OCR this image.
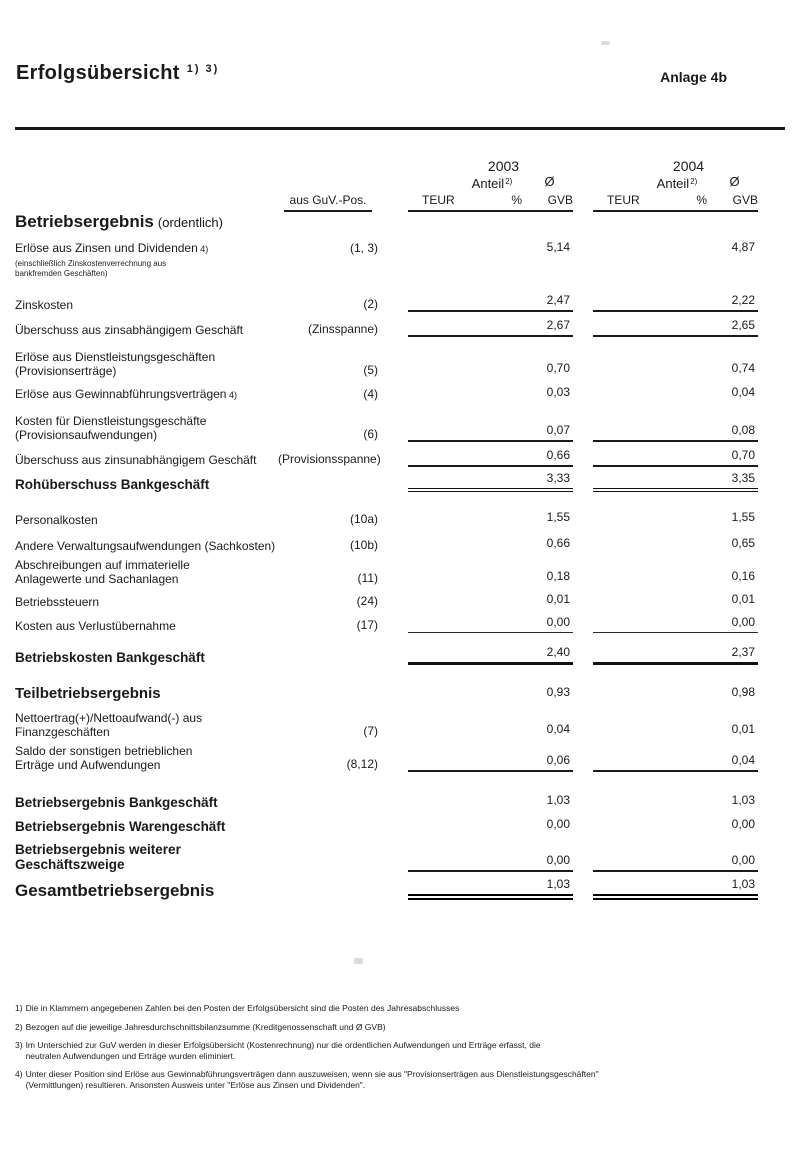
Erfolgsübersicht $^{1) 3)}$	Anlage 4b
aus GuV.-Pos.
2003
Anteil$^{2)}$	Ø
TEUR	%	GVB
2004
Anteil$^{2)}$	Ø
TEUR	%	GVB
Betriebsergebnis (ordentlich)
Erlöse aus Zinsen und Dividenden 4)
(einschließlich Zinskostenverrechnung aus
bankfremden Geschäften)
(1, 3)	5,14	4,87
Zinskosten	(2)	2,47	2,22
Überschuss aus zinsabhängigem Geschäft	(Zinsspanne)	2,67	2,65
Erlöse aus Dienstleistungsgeschäften
(Provisionserträge)	(5)	0,70	0,74
Erlöse aus Gewinnabführungsverträgen 4)	(4)	0,03	0,04
Kosten für Dienstleistungsgeschäfte
(Provisionsaufwendungen)	(6)	0,07	0,08
Überschuss aus zinsunabhängigem Geschäft	(Provisionsspanne)	0,66	0,70
Rohüberschuss Bankgeschäft	3,33	3,35
Personalkosten	(10a)	1,55	1,55
Andere Verwaltungsaufwendungen (Sachkosten)	(10b)	0,66	0,65
Abschreibungen auf immaterielle
Anlagewerte und Sachanlagen	(11)	0,18	0,16
Betriebssteuern	(24)	0,01	0,01
Kosten aus Verlustübernahme	(17)	0,00	0,00
Betriebskosten Bankgeschäft	2,40	2,37
Teilbetriebsergebnis	0,93	0,98
Nettoertrag(+)/Nettoaufwand(-) aus Finanzgeschäften	(7)	0,04	0,01
Saldo der sonstigen betrieblichen
Erträge und Aufwendungen	(8,12)	0,06	0,04
Betriebsergebnis Bankgeschäft	1,03	1,03
Betriebsergebnis Warengeschäft	0,00	0,00
Betriebsergebnis weiterer Geschäftszweige	0,00	0,00
Gesamtbetriebsergebnis	1,03	1,03
1) Die in Klammern angegebenen Zahlen bei den Posten der Erfolgsübersicht sind die Posten des Jahresabschlusses
2) Bezogen auf die jeweilige Jahresdurchschnittsbilanzsumme (Kreditgenossenschaft und Ø GVB)
3) Im Unterschied zur GuV werden in dieser Erfolgsübersicht (Kostenrechnung) nur die ordentlichen Aufwendungen und Erträge erfasst, die
neutralen Aufwendungen und Erträge wurden eliminiert.
4) Unter dieser Position sind Erlöse aus Gewinnabführungsverträgen dann auszuweisen, wenn sie aus "Provisionserträgen aus Dienstleistungsgeschäften"
(Vermittlungen) resultieren. Ansonsten Ausweis unter "Erlöse aus Zinsen und Dividenden".
